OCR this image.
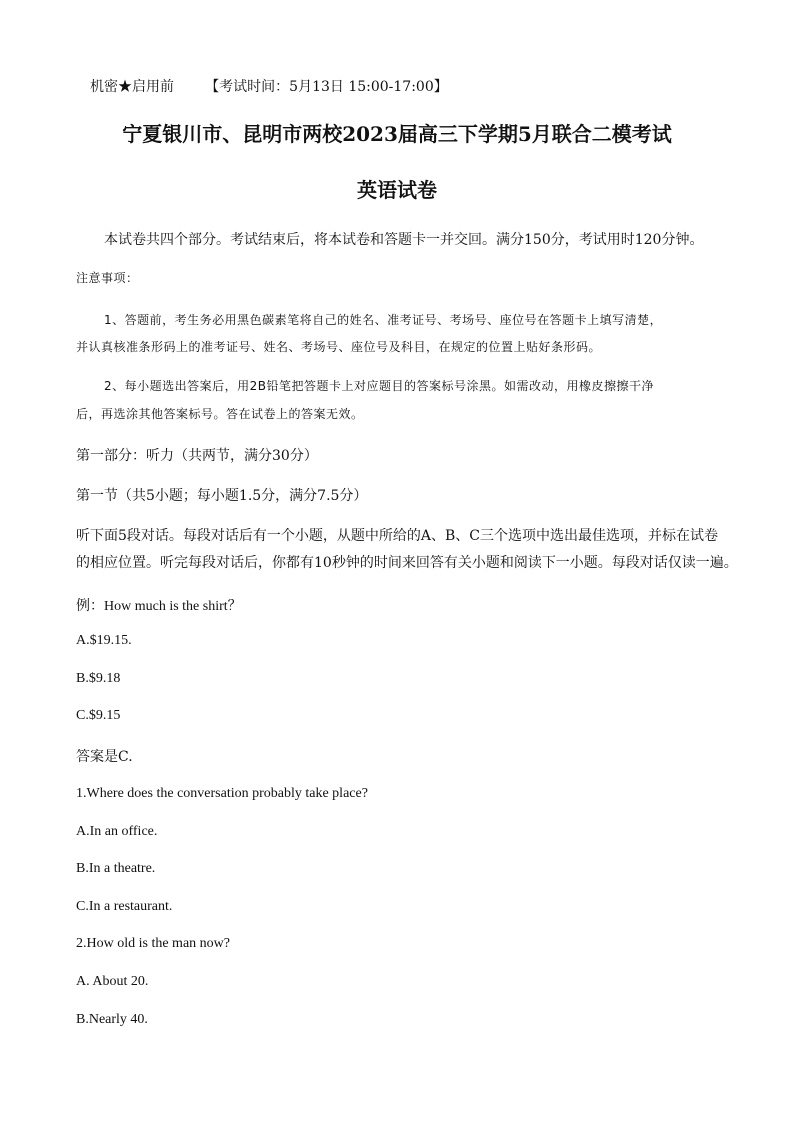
机密★启用前 【考试时间：5月13日 15:00-17:00】

宁夏银川市、昆明市两校2023届高三下学期5月联合二模考试
英语试卷

本试卷共四个部分。考试结束后，将本试卷和答题卡一并交回。满分150分，考试用时120分钟。

注意事项：

1、答题前，考生务必用黑色碳素笔将自己的姓名、准考证号、考场号、座位号在答题卡上填写清楚，

并认真核准条形码上的准考证号、姓名、考场号、座位号及科目，在规定的位置上贴好条形码。

2、每小题选出答案后，用2B铅笔把答题卡上对应题目的答案标号涂黑。如需改动，用橡皮擦擦干净

后，再选涂其他答案标号。答在试卷上的答案无效。

第一部分：听力（共两节，满分30分）

第一节（共5小题；每小题1.5分，满分7.5分）

听下面5段对话。每段对话后有一个小题，从题中所给的A、B、C三个选项中选出最佳选项，并标在试卷

的相应位置。听完每段对话后，你都有10秒钟的时间来回答有关小题和阅读下一小题。每段对话仅读一遍。

例：How much is the shirt？

A.$19.15.

B.$9.18

C.$9.15

答案是C.

1.Where does the conversation probably take place?

A.In an office.

B.In a theatre.

C.In a restaurant.

2.How old is the man now?

A. About 20.

B.Nearly 40.
